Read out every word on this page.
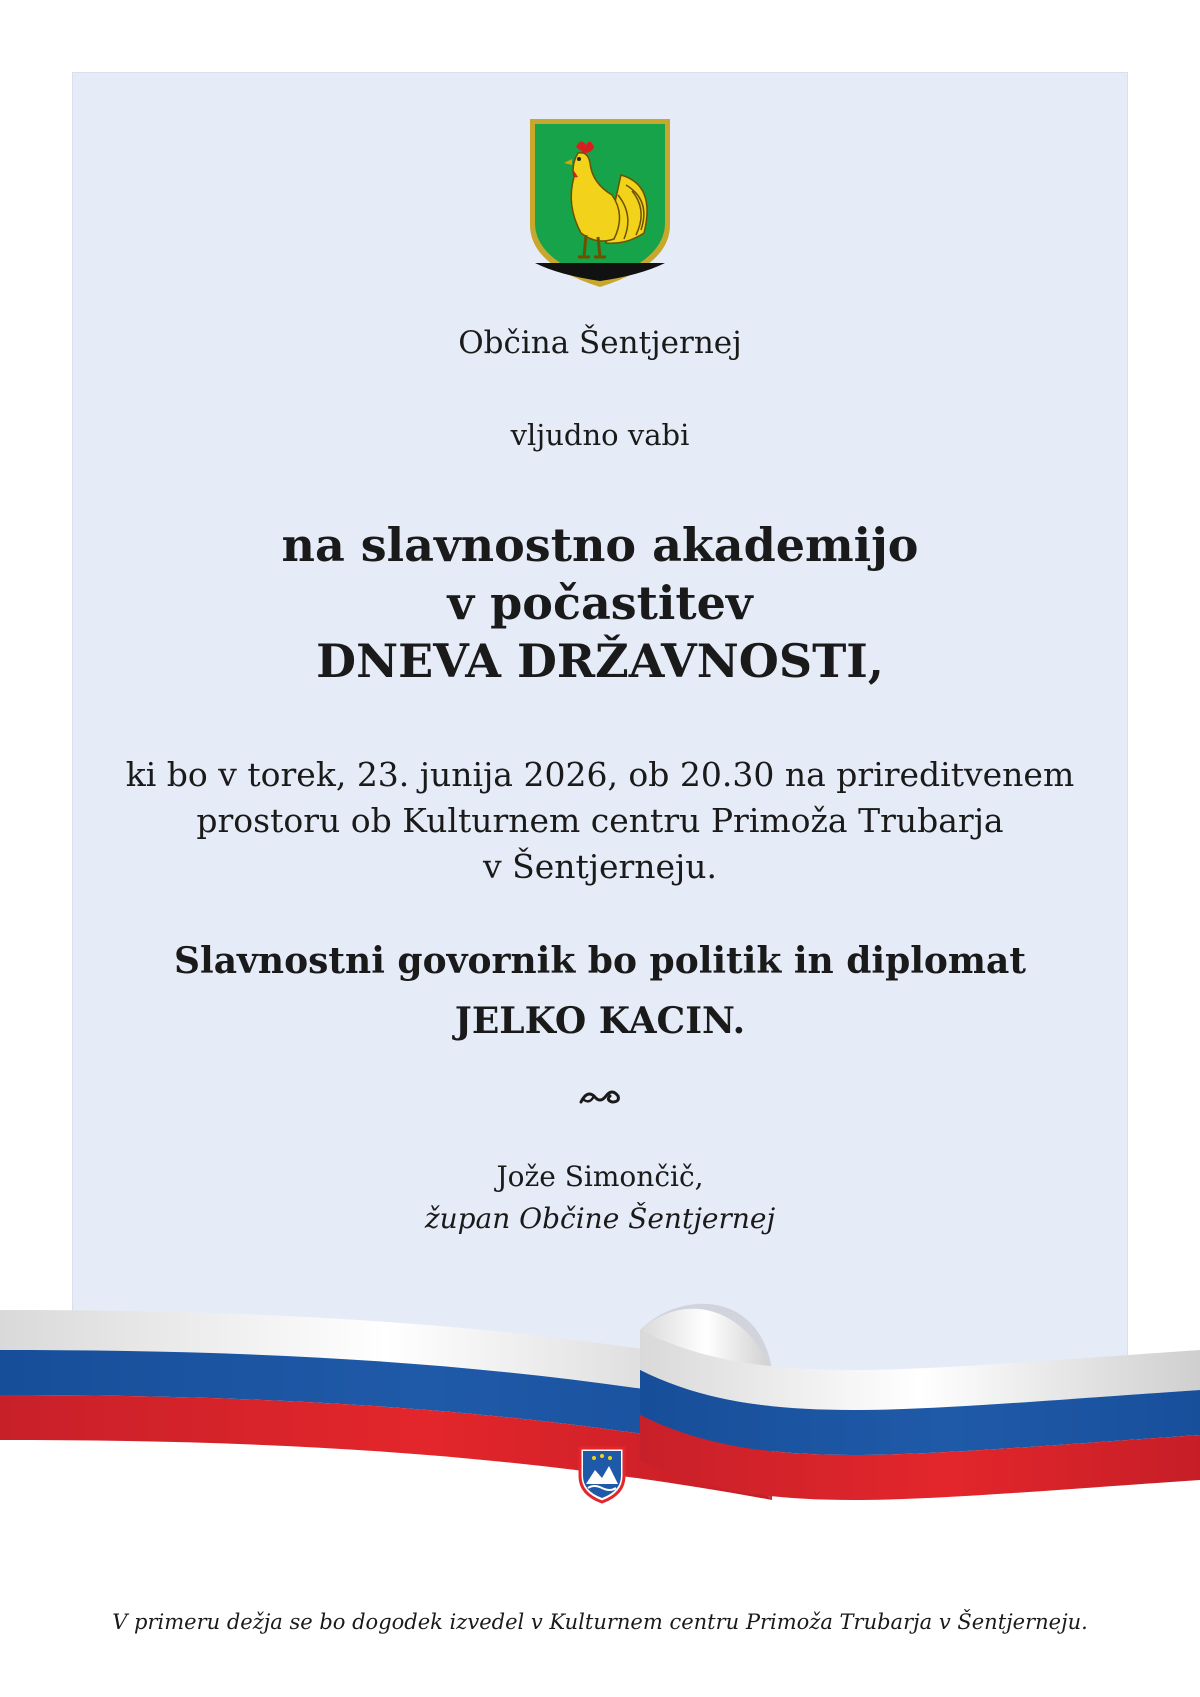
Občina Šentjernej
vljudno vabi
na slavnostno akademijo
v počastitev
DNEVA DRŽAVNOSTI,
ki bo v torek, 23. junija 2026, ob 20.30 na prireditvenem
prostoru ob Kulturnem centru Primoža Trubarja
v Šentjerneju.
Slavnostni govornik bo politik in diplomat
JELKO KACIN.
Jože Simončič,
župan Občine Šentjernej
V primeru dežja se bo dogodek izvedel v Kulturnem centru Primoža Trubarja v Šentjerneju.
